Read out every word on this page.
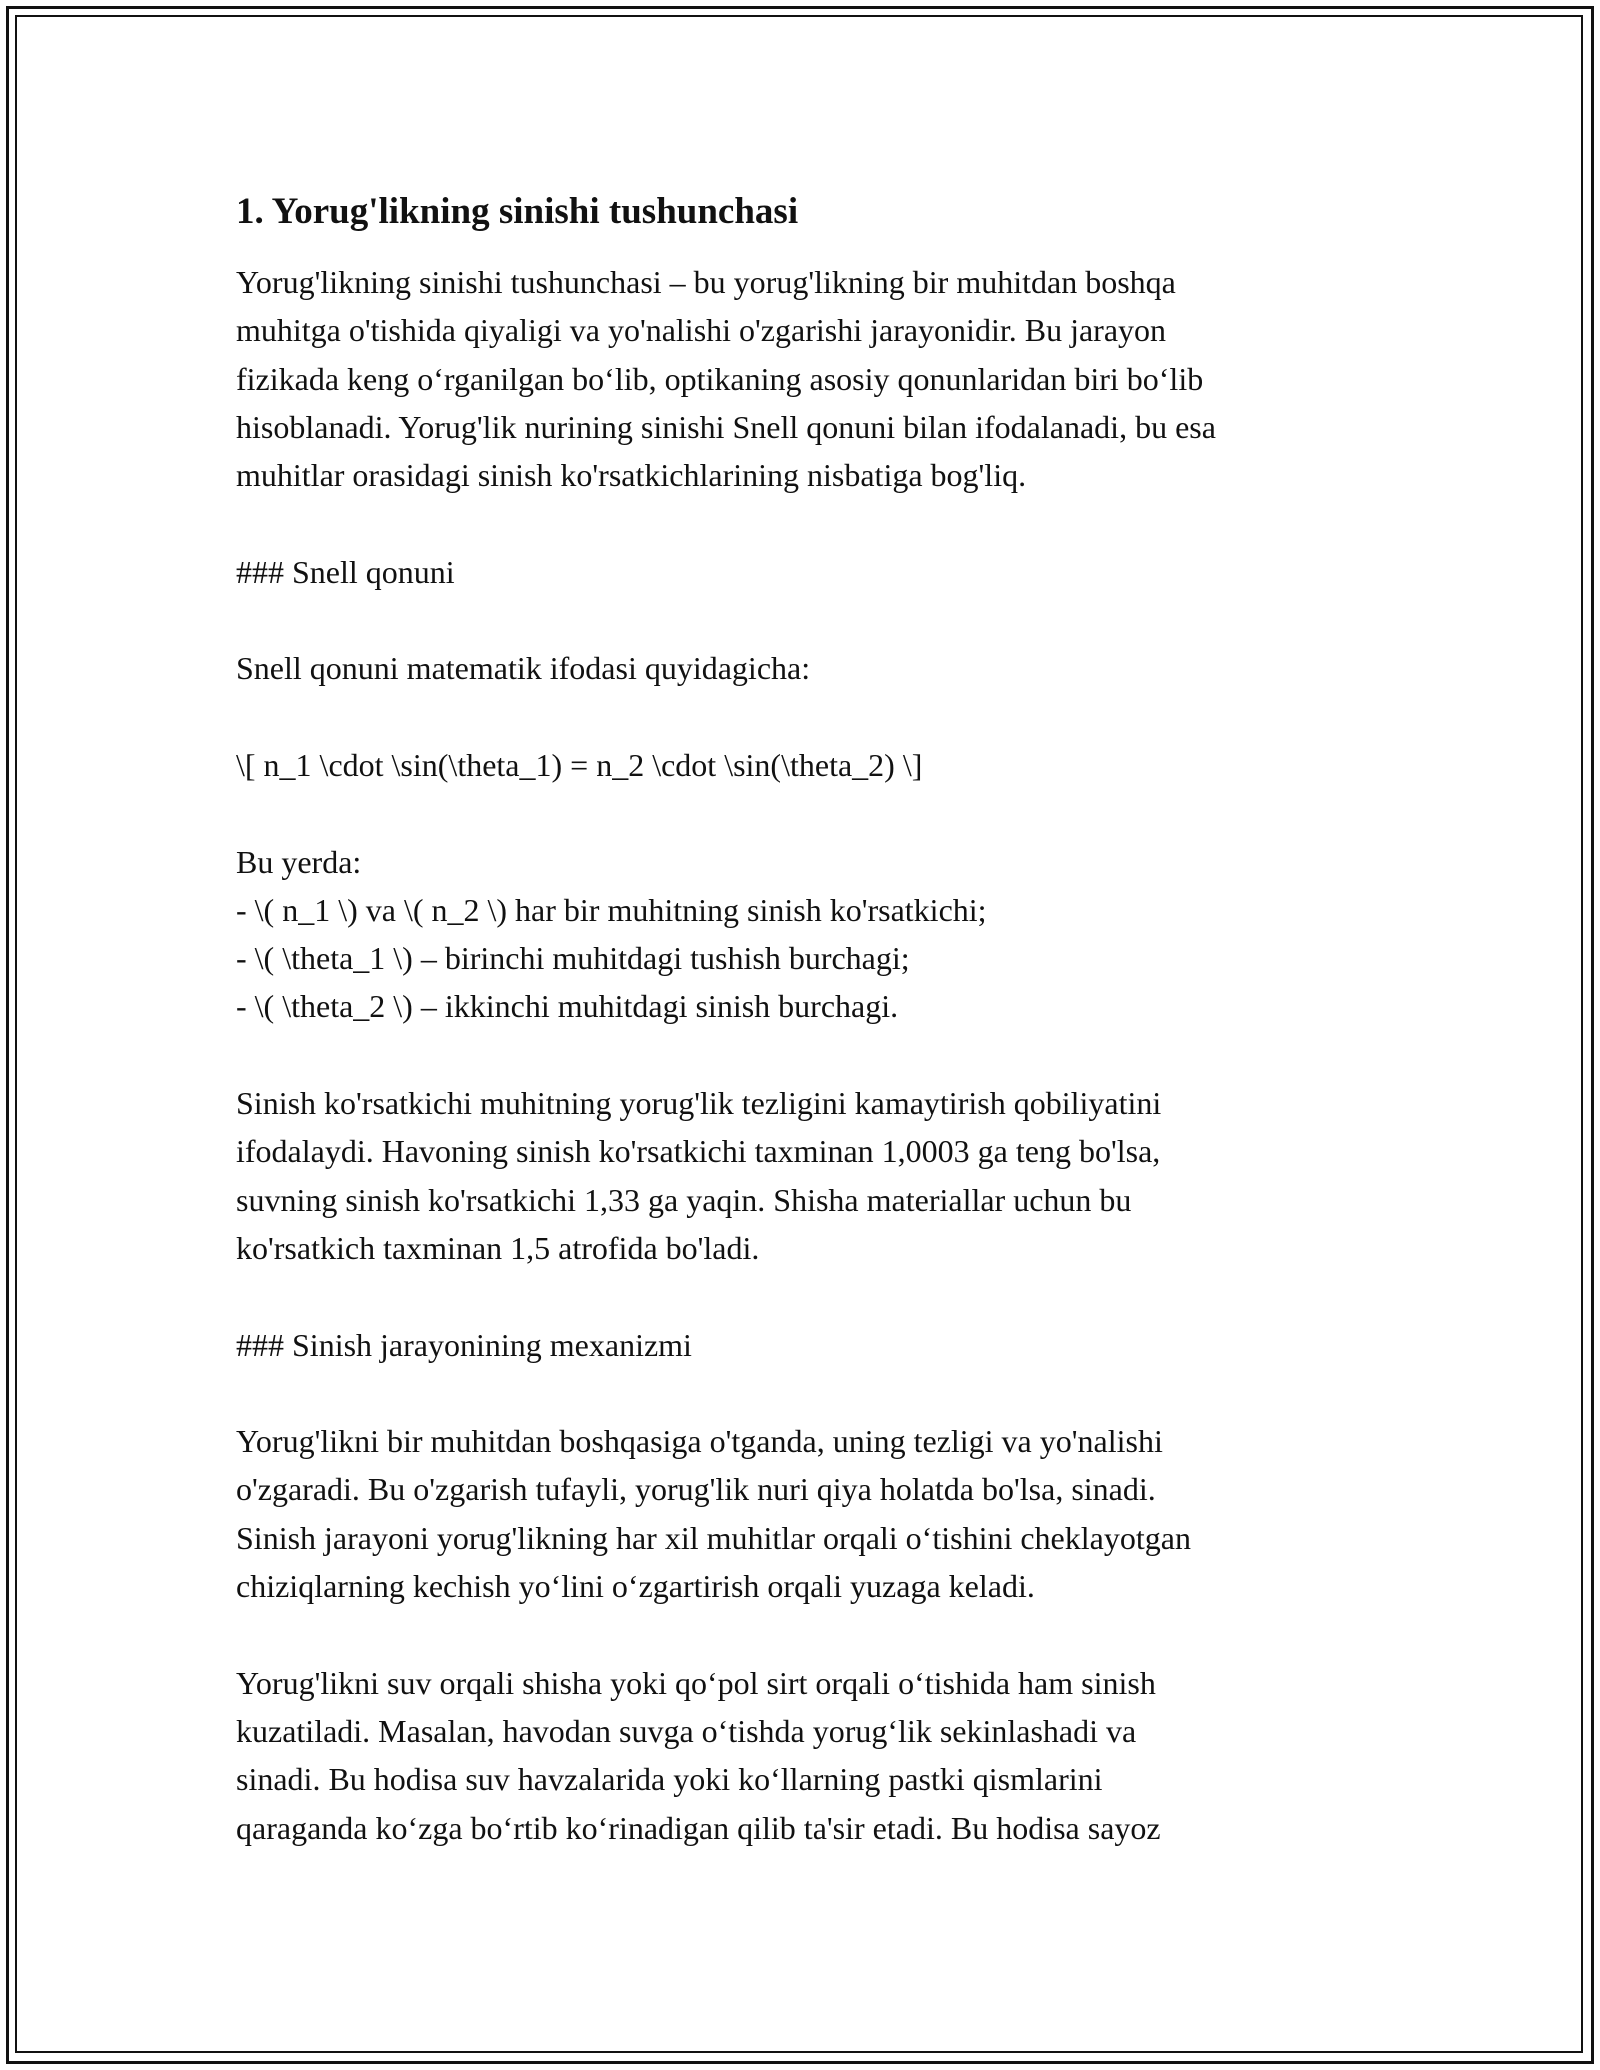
1. Yorug'likning sinishi tushunchasi
Yorug'likning sinishi tushunchasi – bu yorug'likning bir muhitdan boshqa
muhitga o'tishida qiyaligi va yo'nalishi o'zgarishi jarayonidir. Bu jarayon
fizikada keng o‘rganilgan bo‘lib, optikaning asosiy qonunlaridan biri bo‘lib
hisoblanadi. Yorug'lik nurining sinishi Snell qonuni bilan ifodalanadi, bu esa
muhitlar orasidagi sinish ko'rsatkichlarining nisbatiga bog'liq.
### Snell qonuni
Snell qonuni matematik ifodasi quyidagicha:
\[ n_1 \cdot \sin(\theta_1) = n_2 \cdot \sin(\theta_2) \]
Bu yerda:
- \( n_1 \) va \( n_2 \) har bir muhitning sinish ko'rsatkichi;
- \( \theta_1 \) – birinchi muhitdagi tushish burchagi;
- \( \theta_2 \) – ikkinchi muhitdagi sinish burchagi.
Sinish ko'rsatkichi muhitning yorug'lik tezligini kamaytirish qobiliyatini
ifodalaydi. Havoning sinish ko'rsatkichi taxminan 1,0003 ga teng bo'lsa,
suvning sinish ko'rsatkichi 1,33 ga yaqin. Shisha materiallar uchun bu
ko'rsatkich taxminan 1,5 atrofida bo'ladi.
### Sinish jarayonining mexanizmi
Yorug'likni bir muhitdan boshqasiga o'tganda, uning tezligi va yo'nalishi
o'zgaradi. Bu o'zgarish tufayli, yorug'lik nuri qiya holatda bo'lsa, sinadi.
Sinish jarayoni yorug'likning har xil muhitlar orqali o‘tishini cheklayotgan
chiziqlarning kechish yo‘lini o‘zgartirish orqali yuzaga keladi.
Yorug'likni suv orqali shisha yoki qo‘pol sirt orqali o‘tishida ham sinish
kuzatiladi. Masalan, havodan suvga o‘tishda yorug‘lik sekinlashadi va
sinadi. Bu hodisa suv havzalarida yoki ko‘llarning pastki qismlarini
qaraganda ko‘zga bo‘rtib ko‘rinadigan qilib ta'sir etadi. Bu hodisa sayoz
